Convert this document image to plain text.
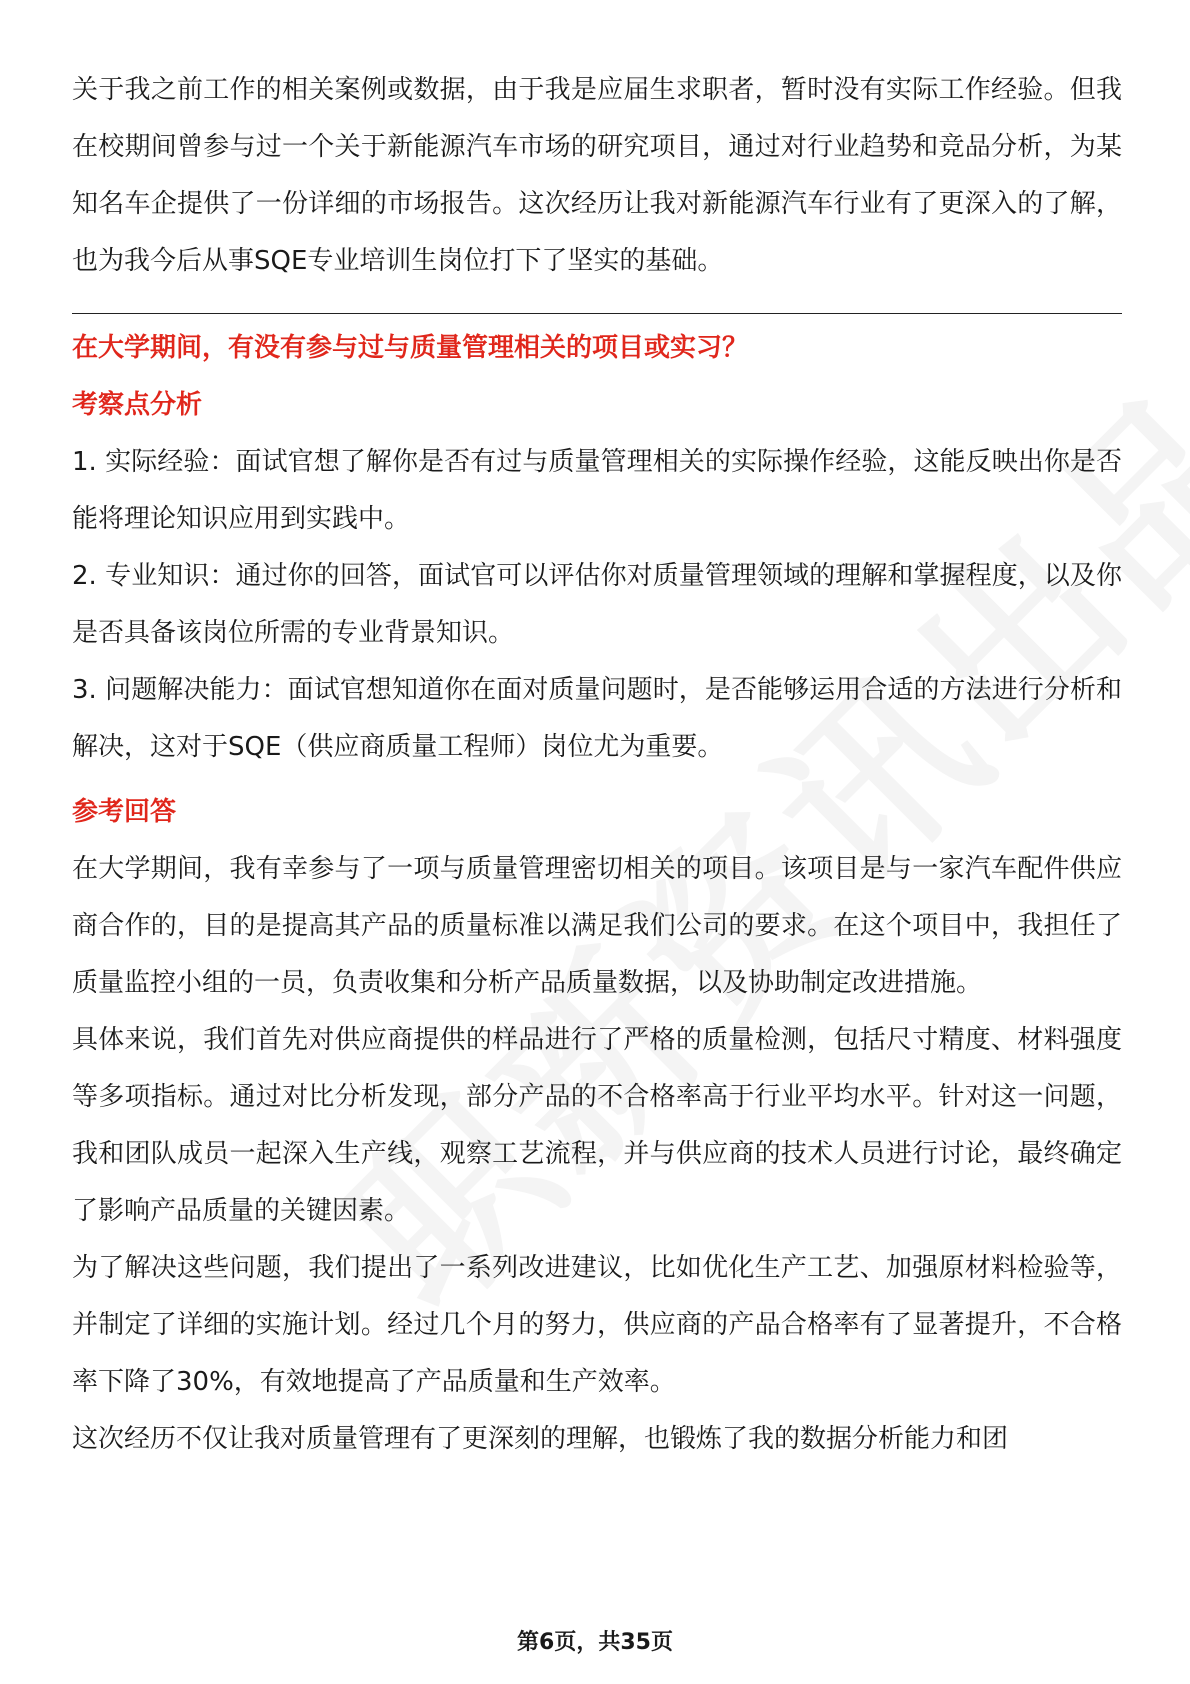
关于我之前工作的相关案例或数据，由于我是应届生求职者，暂时没有实际工作经验。但我在校期间曾参与过一个关于新能源汽车市场的研究项目，通过对行业趋势和竞品分析，为某知名车企提供了一份详细的市场报告。这次经历让我对新能源汽车行业有了更深入的了解，也为我今后从事SQE专业培训生岗位打下了坚实的基础。

在大学期间，有没有参与过与质量管理相关的项目或实习？

考察点分析

1. 实际经验：面试官想了解你是否有过与质量管理相关的实际操作经验，这能反映出你是否能将理论知识应用到实践中。

2. 专业知识：通过你的回答，面试官可以评估你对质量管理领域的理解和掌握程度，以及你是否具备该岗位所需的专业背景知识。

3. 问题解决能力：面试官想知道你在面对质量问题时，是否能够运用合适的方法进行分析和解决，这对于SQE（供应商质量工程师）岗位尤为重要。

参考回答

在大学期间，我有幸参与了一项与质量管理密切相关的项目。该项目是与一家汽车配件供应商合作的，目的是提高其产品的质量标准以满足我们公司的要求。在这个项目中，我担任了质量监控小组的一员，负责收集和分析产品质量数据，以及协助制定改进措施。

具体来说，我们首先对供应商提供的样品进行了严格的质量检测，包括尺寸精度、材料强度等多项指标。通过对比分析发现，部分产品的不合格率高于行业平均水平。针对这一问题，我和团队成员一起深入生产线，观察工艺流程，并与供应商的技术人员进行讨论，最终确定了影响产品质量的关键因素。

为了解决这些问题，我们提出了一系列改进建议，比如优化生产工艺、加强原材料检验等，并制定了详细的实施计划。经过几个月的努力，供应商的产品合格率有了显著提升，不合格率下降了30%，有效地提高了产品质量和生产效率。

这次经历不仅让我对质量管理有了更深刻的理解，也锻炼了我的数据分析能力和团

第6页，共35页
